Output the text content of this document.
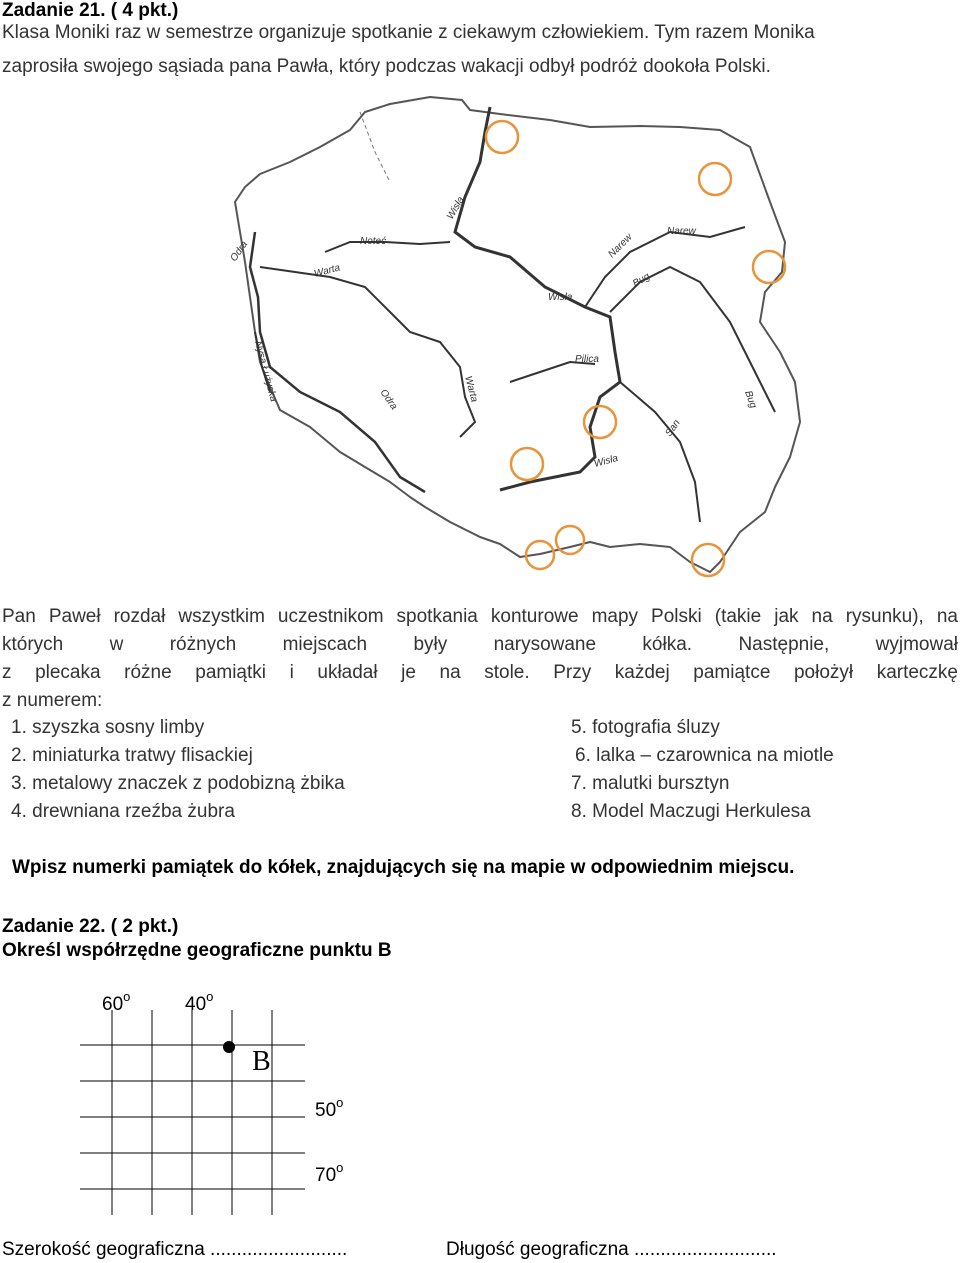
Zadanie 21. ( 4 pkt.)
Klasa Moniki raz w semestrze organizuje spotkanie z ciekawym człowiekiem. Tym razem Monika
zaprosiła swojego sąsiada pana Pawła, który podczas wakacji odbył podróż dookoła Polski.
Wisła
Noteć
Odra
Warta
Narew
Narew
Bug
Wisła
Pilica
Nysa Łużycka	Warta
Odra	Bug
Wisła
San
Pan Paweł rozdał wszystkim uczestnikom spotkania konturowe mapy Polski (takie jak na rysunku), na
których w różnych miejscach były narysowane kółka. Następnie, wyjmował
z plecaka różne pamiątki i układał je na stole. Przy każdej pamiątce położył karteczkę
z numerem:
1. szyszka sosny limby
2. miniaturka tratwy flisackiej
3. metalowy znaczek z podobizną żbika
4. drewniana rzeźba żubra
5. fotografia śluzy
6. lalka – czarownica na miotle
7. malutki bursztyn
8. Model Maczugi Herkulesa
Wpisz numerki pamiątek do kółek, znajdujących się na mapie w odpowiednim miejscu.
Zadanie 22. ( 2 pkt.)
Określ współrzędne geograficzne punktu B
60$^o$	40$^o$
50$^o$
70$^o$
B
Szerokość geograficzna ..........................	Długość geograficzna ...........................
